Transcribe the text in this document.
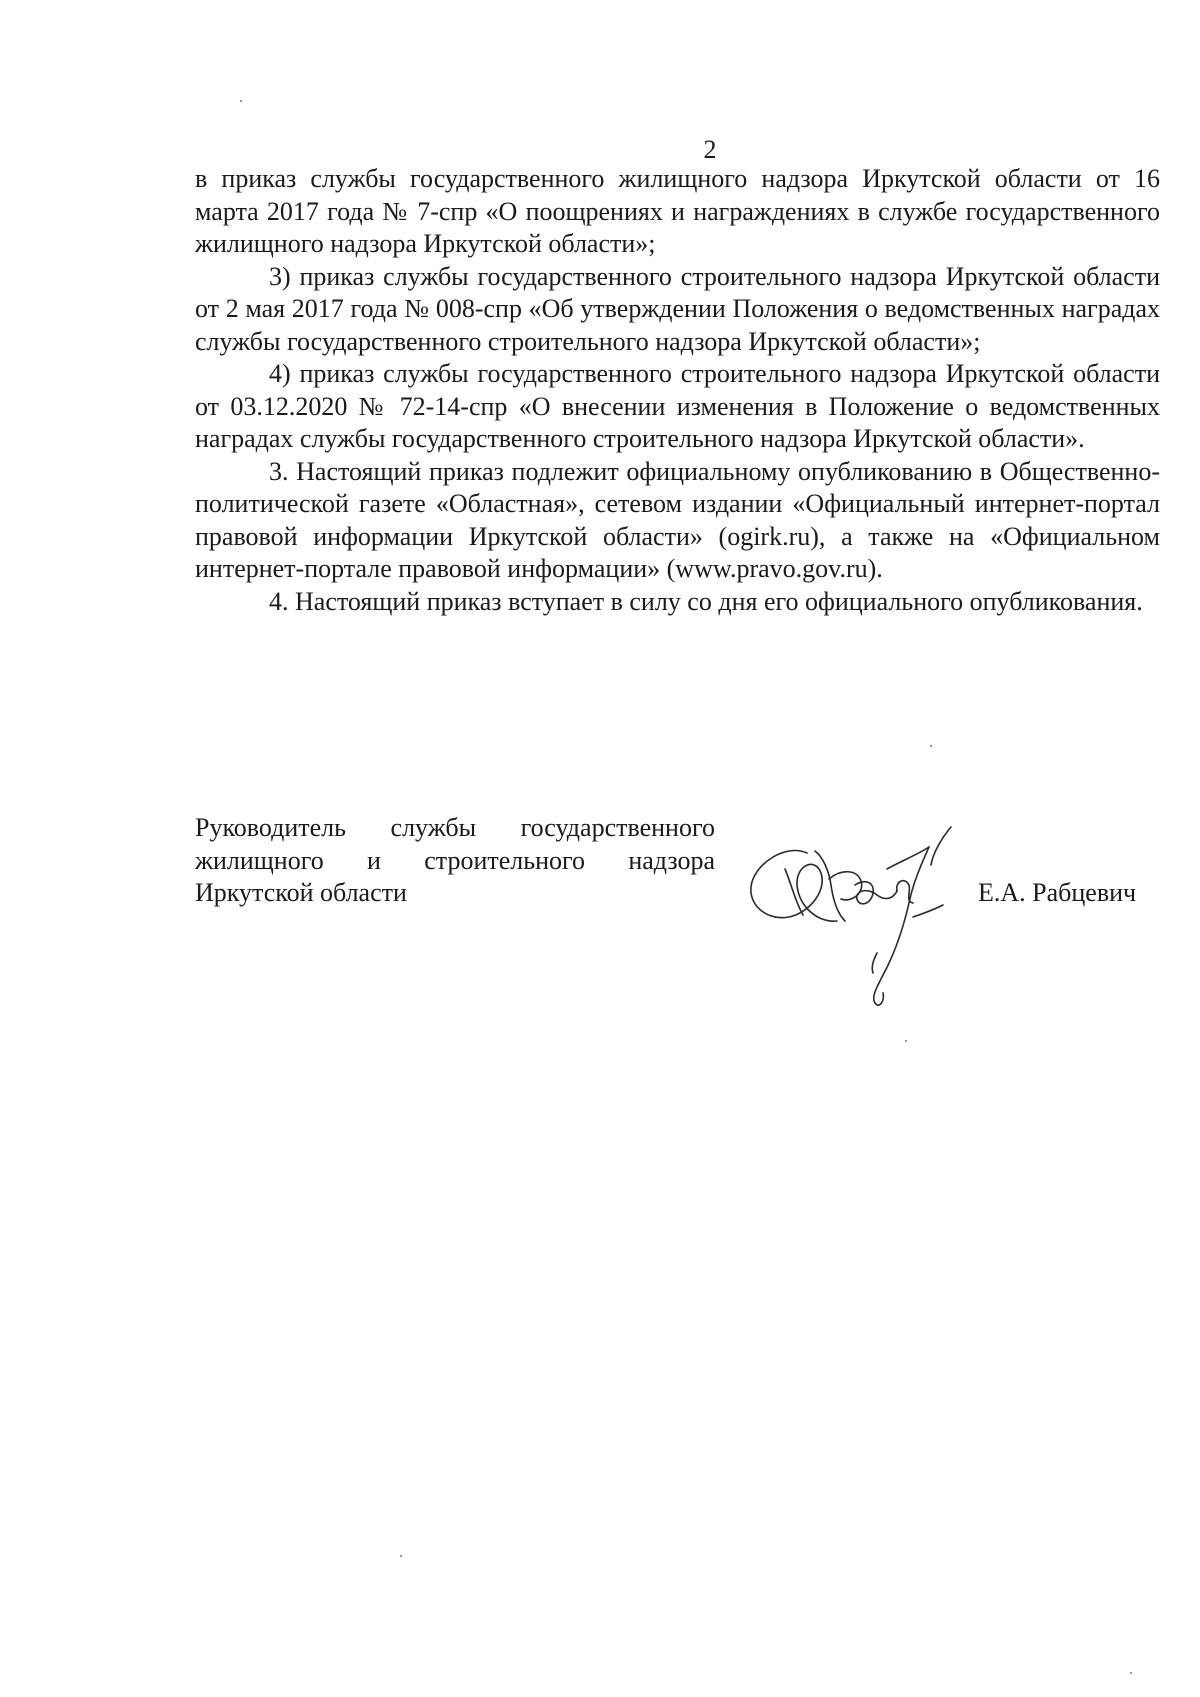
2

в приказ службы государственного жилищного надзора Иркутской области от 16 марта 2017 года № 7-спр «О поощрениях и награждениях в службе государственного жилищного надзора Иркутской области»;

3) приказ службы государственного строительного надзора Иркутской области от 2 мая 2017 года № 008-спр «Об утверждении Положения о ведомственных наградах службы государственного строительного надзора Иркутской области»;

4) приказ службы государственного строительного надзора Иркутской области от 03.12.2020 № 72-14-спр «О внесении изменения в Положение о ведомственных наградах службы государственного строительного надзора Иркутской области».

3. Настоящий приказ подлежит официальному опубликованию в Общественно-политической газете «Областная», сетевом издании «Официальный интернет-портал правовой информации Иркутской области» (ogirk.ru), а также на «Официальном интернет-портале правовой информации» (www.pravo.gov.ru).

4. Настоящий приказ вступает в силу со дня его официального опубликования.

Руководитель службы государственного

жилищного и строительного надзора

Иркутской области	Е.А. Рабцевич
